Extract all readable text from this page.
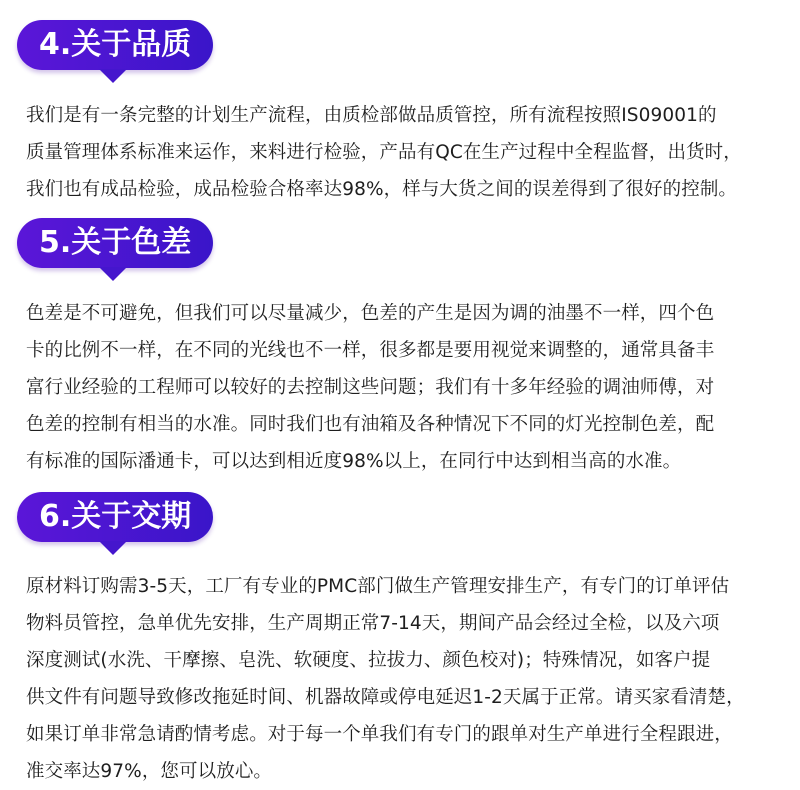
4.关于品质
我们是有一条完整的计划生产流程，由质检部做品质管控，所有流程按照IS09001的
质量管理体系标准来运作，来料进行检验，产品有QC在生产过程中全程监督，出货时，
我们也有成品检验，成品检验合格率达98%，样与大货之间的误差得到了很好的控制。
5.关于色差
色差是不可避免，但我们可以尽量减少，色差的产生是因为调的油墨不一样，四个色
卡的比例不一样，在不同的光线也不一样，很多都是要用视觉来调整的，通常具备丰
富行业经验的工程师可以较好的去控制这些问题；我们有十多年经验的调油师傅，对
色差的控制有相当的水准。同时我们也有油箱及各种情况下不同的灯光控制色差，配
有标准的国际潘通卡，可以达到相近度98%以上，在同行中达到相当高的水准。
6.关于交期
原材料订购需3-5天，工厂有专业的PMC部门做生产管理安排生产，有专门的订单评估
物料员管控，急单优先安排，生产周期正常7-14天，期间产品会经过全检，以及六项
深度测试(水洗、干摩擦、皂洗、软硬度、拉拔力、颜色校对)；特殊情况，如客户提
供文件有问题导致修改拖延时间、机器故障或停电延迟1-2天属于正常。请买家看清楚，
如果订单非常急请酌情考虑。对于每一个单我们有专门的跟单对生产单进行全程跟进，
准交率达97%，您可以放心。
